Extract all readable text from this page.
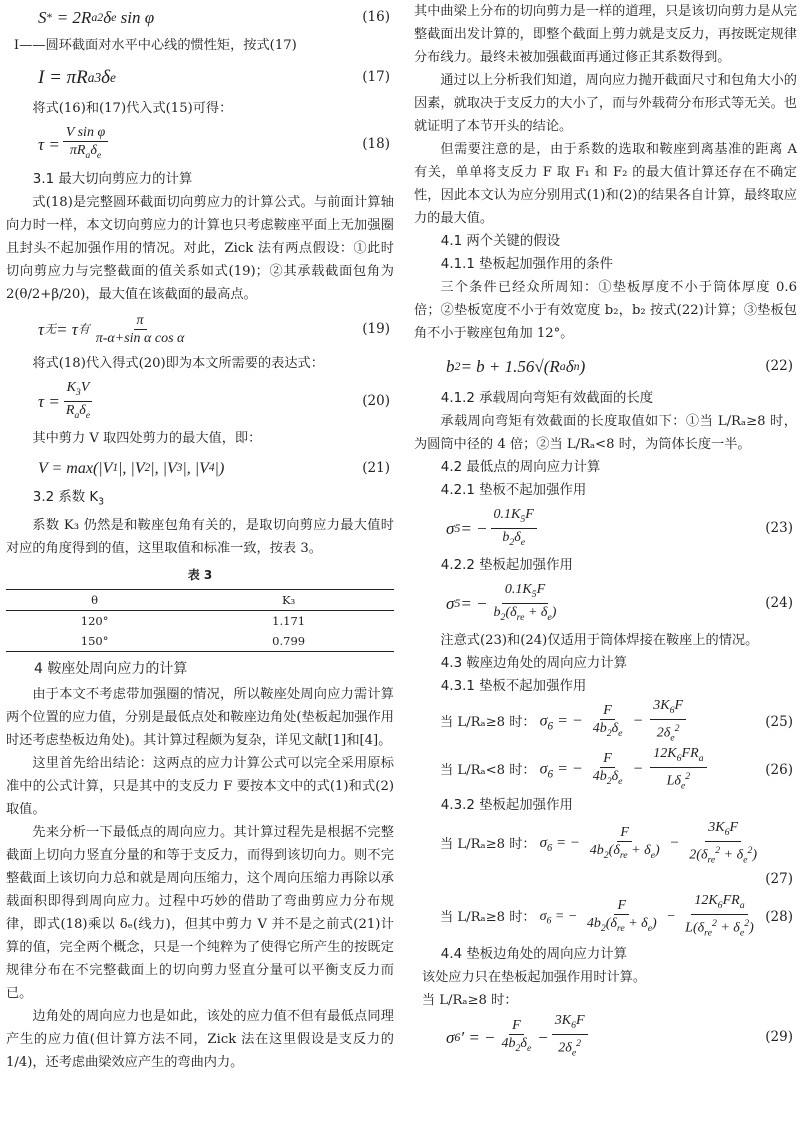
S * = 2R a 2 δ e sin φ	(16)

I——圆环截面对水平中心线的惯性矩，按式(17)

I = πR a 3 δ e	(17)

将式(16)和(17)代入式(15)可得：

$\tau = \frac{\text{V sin φ}}{\pi R_a\delta_e}$	(18)

3.1 最大切向剪应力的计算

式(18)是完整圆环截面切向剪应力的计算公式。与前面计算轴向力时一样，本文切向剪应力的计算也只考虑鞍座平面上无加强圈且封头不起加强作用的情况。对此，Zick 法有两点假设：①此时切向剪应力与完整截面的值关系如式(19)；②其承载截面包角为 2(θ/2+β/20)，最大值在该截面的最高点。

τ 无 = τ 有 $\frac{\pi}{\text{π-α+sin α cos α}}$	(19)

将式(18)代入得式(20)即为本文所需要的表达式：

$\tau = \frac{K_3V}{R_a\delta_e}$	(20)

其中剪力 V 取四处剪力的最大值，即：

V = max(|V 1 |, |V 2 |, |V 3 |, |V 4 |)	(21)

3.2 系数 $K_3$

系数 K₃ 仍然是和鞍座包角有关的，是取切向剪应力最大值时对应的角度得到的值，这里取值和标准一致，按表 3。

表 3
θ	K₃
120°	1.171
150°	0.799

4 鞍座处周向应力的计算

由于本文不考虑带加强圈的情况，所以鞍座处周向应力需计算两个位置的应力值，分别是最低点处和鞍座边角处(垫板起加强作用时还考虑垫板边角处)。其计算过程颇为复杂，详见文献[1]和[4]。

这里首先给出结论：这两点的应力计算公式可以完全采用原标准中的公式计算，只是其中的支反力 F 要按本文中的式(1)和式(2)取值。

先来分析一下最低点的周向应力。其计算过程先是根据不完整截面上切向力竖直分量的和等于支反力，而得到该切向力。则不完整截面上该切向力总和就是周向压缩力，这个周向压缩力再除以承载面积即得到周向应力。过程中巧妙的借助了弯曲剪应力分布规律，即式(18)乘以 δₑ(线力)，但其中剪力 V 并不是之前式(21)计算的值，完全两个概念，只是一个纯粹为了使得它所产生的按既定规律分布在不完整截面上的切向剪力竖直分量可以平衡支反力而已。

边角处的周向应力也是如此，该处的应力值不但有最低点同理产生的应力值(但计算方法不同，Zick 法在这里假设是支反力的 1/4)，还考虑曲梁效应产生的弯曲内力。

其中曲梁上分布的切向剪力是一样的道理，只是该切向剪力是从完整截面出发计算的，即整个截面上剪力就是支反力，再按既定规律分布线力。最终未被加强截面再通过修正其系数得到。

通过以上分析我们知道，周向应力抛开截面尺寸和包角大小的因素，就取决于支反力的大小了，而与外载荷分布形式等无关。也就证明了本节开头的结论。

但需要注意的是，由于系数的选取和鞍座到离基准的距离 A 有关，单单将支反力 F 取 F₁ 和 F₂ 的最大值计算还存在不确定性，因此本文认为应分别用式(1)和(2)的结果各自计算，最终取应力的最大值。

4.1 两个关键的假设

4.1.1 垫板起加强作用的条件

三个条件已经众所周知：①垫板厚度不小于筒体厚度 0.6 倍；②垫板宽度不小于有效宽度 b₂，b₂ 按式(22)计算；③垫板包角不小于鞍座包角加 12°。

b 2 = b + 1.56√(R a δ n )	(22)

4.1.2 承载周向弯矩有效截面的长度

承载周向弯矩有效截面的长度取值如下：①当 L/Rₐ≥8 时，为圆筒中径的 4 倍；②当 L/Rₐ<8 时，为筒体长度一半。

4.2 最低点的周向应力计算

4.2.1 垫板不起加强作用

σ 5 = − $\frac{0.1K_5F}{b_2\delta_e}$	(23)

4.2.2 垫板起加强作用

σ 5 = − $\frac{0.1K_5F}{b_2(\delta_{re} + \delta_e)}$	(24)

注意式(23)和(24)仅适用于筒体焊接在鞍座上的情况。

4.3 鞍座边角处的周向应力计算

4.3.1 垫板不起加强作用

当 L/Rₐ≥8 时： $\sigma_6$ = − $\frac{F}{4b_2\delta_e} - \frac{3K_6F}{2\delta_e^2}$	(25)
当 L/Rₐ<8 时： $\sigma_6$ = − $\frac{F}{4b_2\delta_e} - \frac{12K_6FR_a}{L\delta_e^2}$	(26)

4.3.2 垫板起加强作用

当 L/Rₐ≥8 时： $\sigma_6$ = − $\frac{F}{4b_2(\delta_{re} + \delta_e)} - \frac{3K_6F}{2(\delta_{re}^2 + \delta_e^2)}$
(27)
当 L/Rₐ≥8 时： $\sigma_6$ = − $\frac{F}{4b_2(\delta_{re} + \delta_e)} - \frac{12K_6FR_a}{L(\delta_{re}^2 + \delta_e^2)} (28)$

4.4 垫板边角处的周向应力计算

该处应力只在垫板起加强作用时计算。

当 L/Rₐ≥8 时：

σ 6 ′ = − $\frac{F}{4b_2\delta_e} - \frac{3K_6F}{2\delta_e^2}$	(29)
